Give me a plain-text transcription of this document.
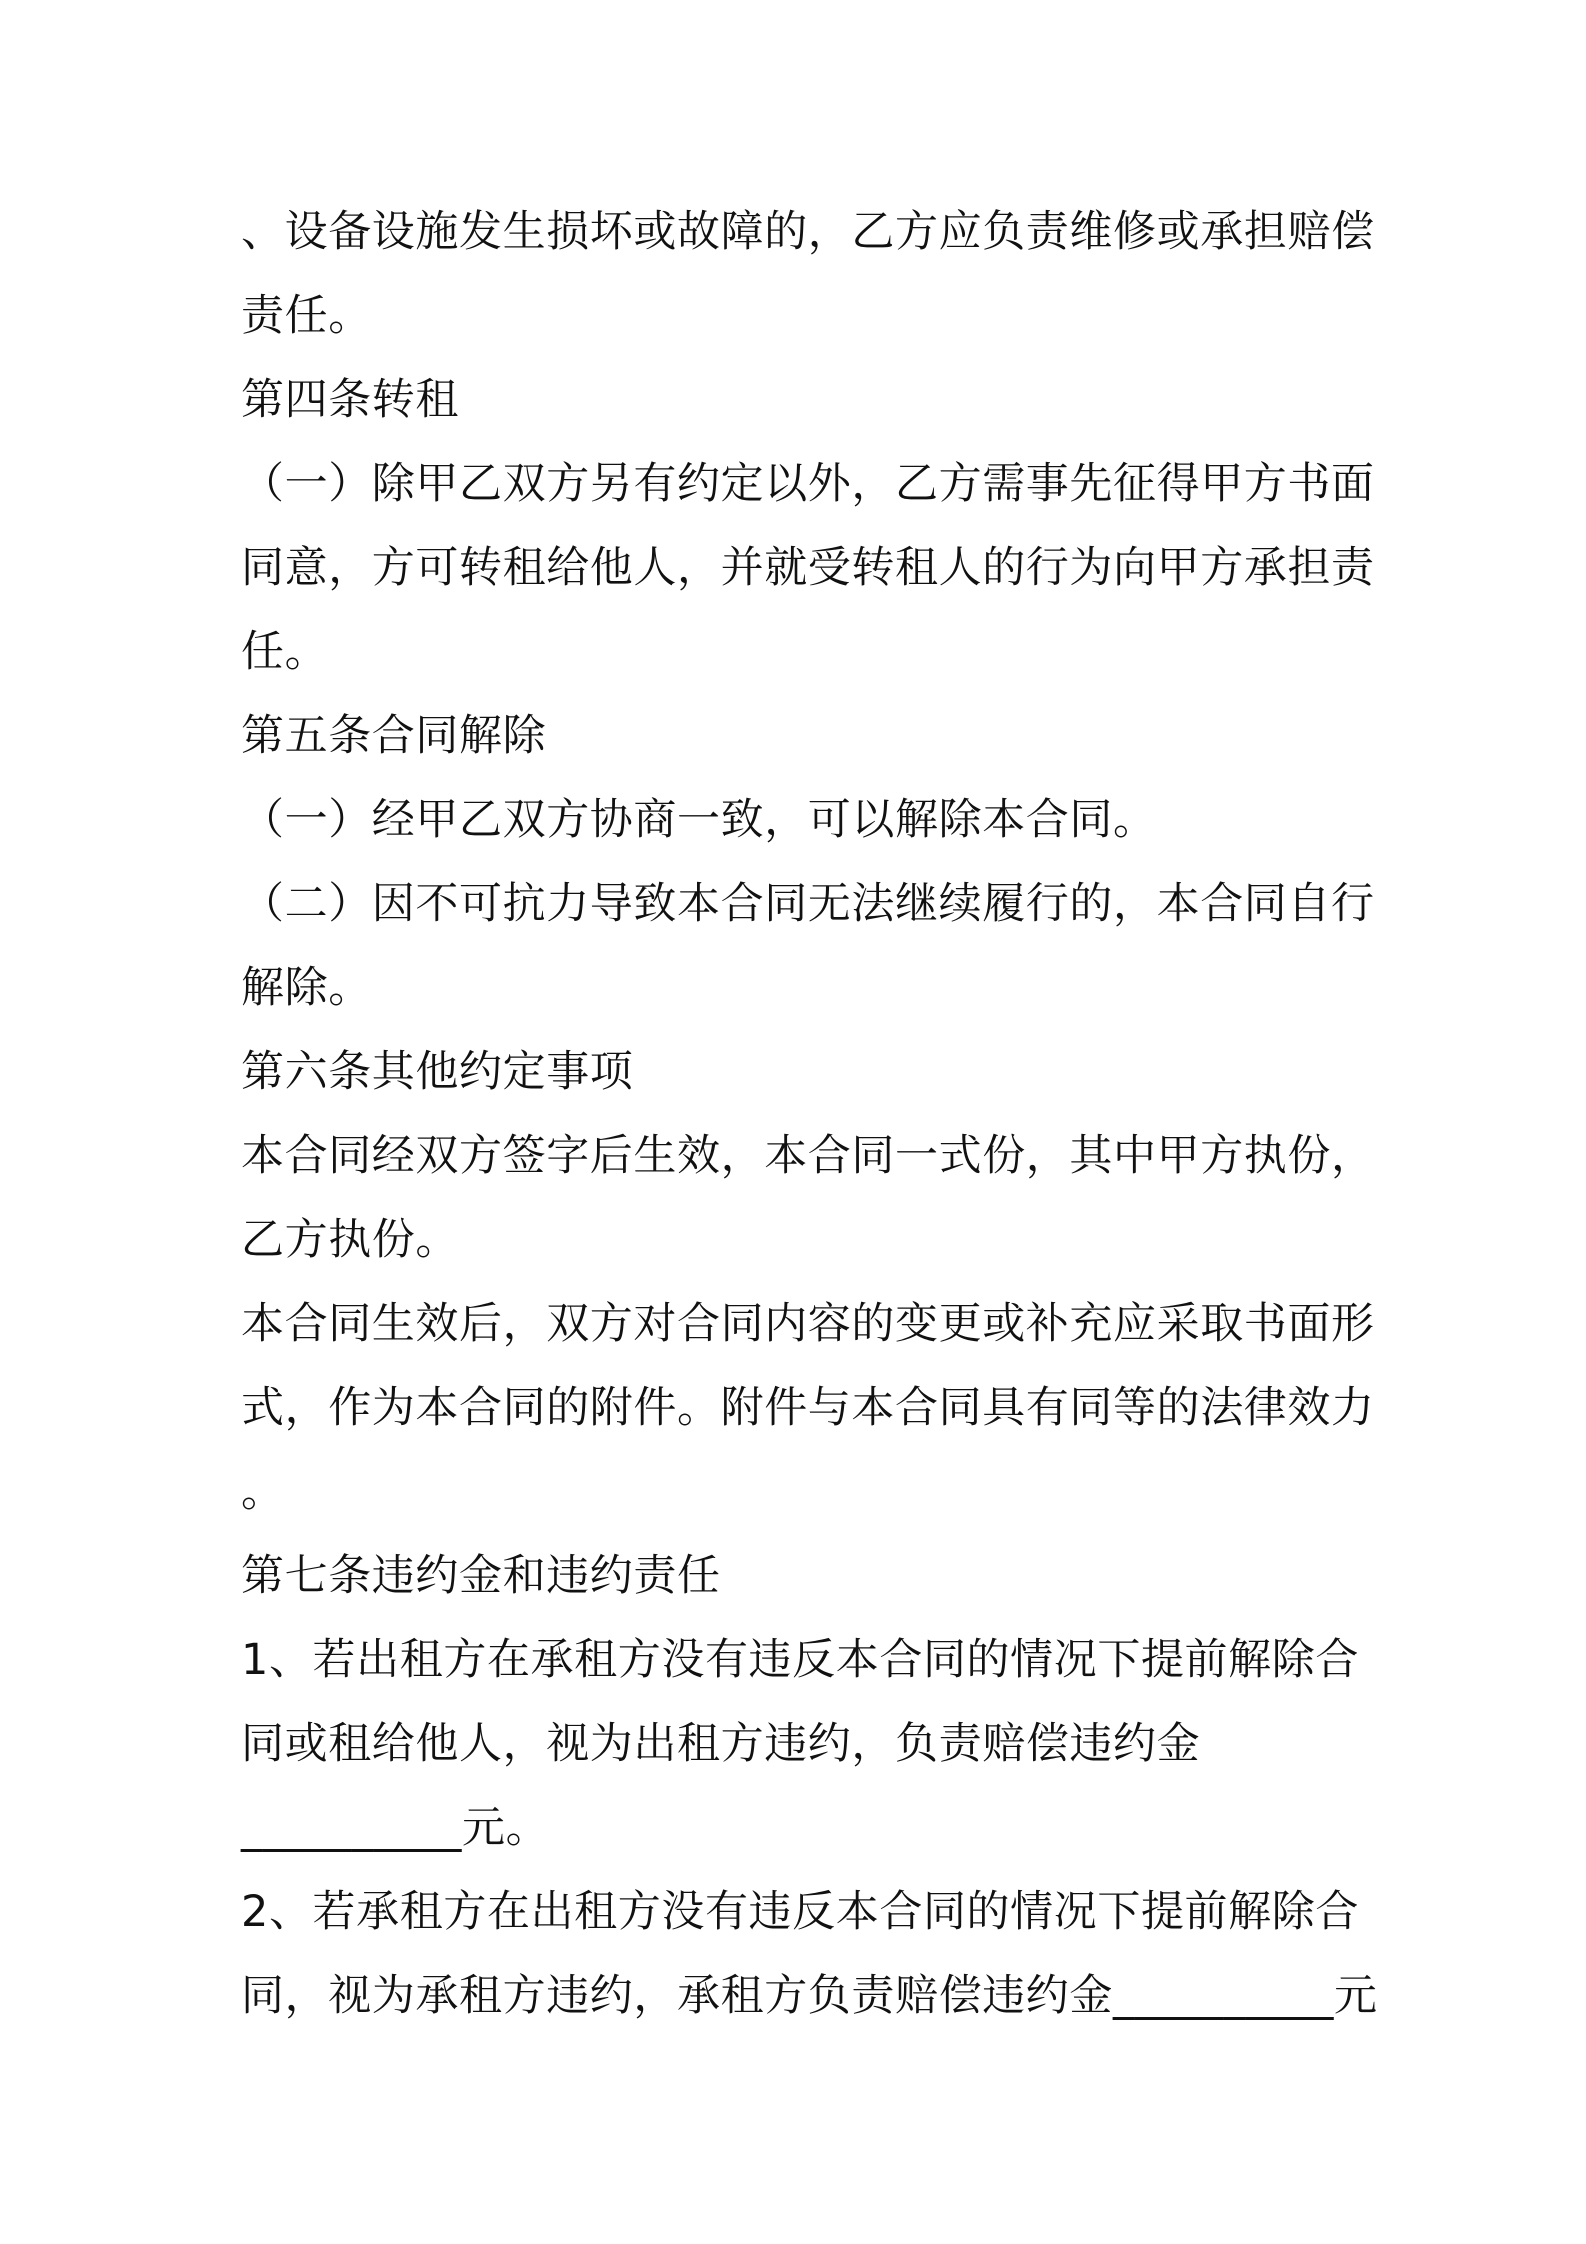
、设备设施发生损坏或故障的，乙方应负责维修或承担赔偿
责任。
第四条转租
（一）除甲乙双方另有约定以外，乙方需事先征得甲方书面
同意，方可转租给他人，并就受转租人的行为向甲方承担责
任。
第五条合同解除
（一）经甲乙双方协商一致，可以解除本合同。
（二）因不可抗力导致本合同无法继续履行的，本合同自行
解除。
第六条其他约定事项
本合同经双方签字后生效，本合同一式份，其中甲方执份，
乙方执份。
本合同生效后，双方对合同内容的变更或补充应采取书面形
式，作为本合同的附件。附件与本合同具有同等的法律效力
。
第七条违约金和违约责任
1、若出租方在承租方没有违反本合同的情况下提前解除合
同或租给他人，视为出租方违约，负责赔偿违约金
__________元。
2、若承租方在出租方没有违反本合同的情况下提前解除合
同，视为承租方违约，承租方负责赔偿违约金__________元
